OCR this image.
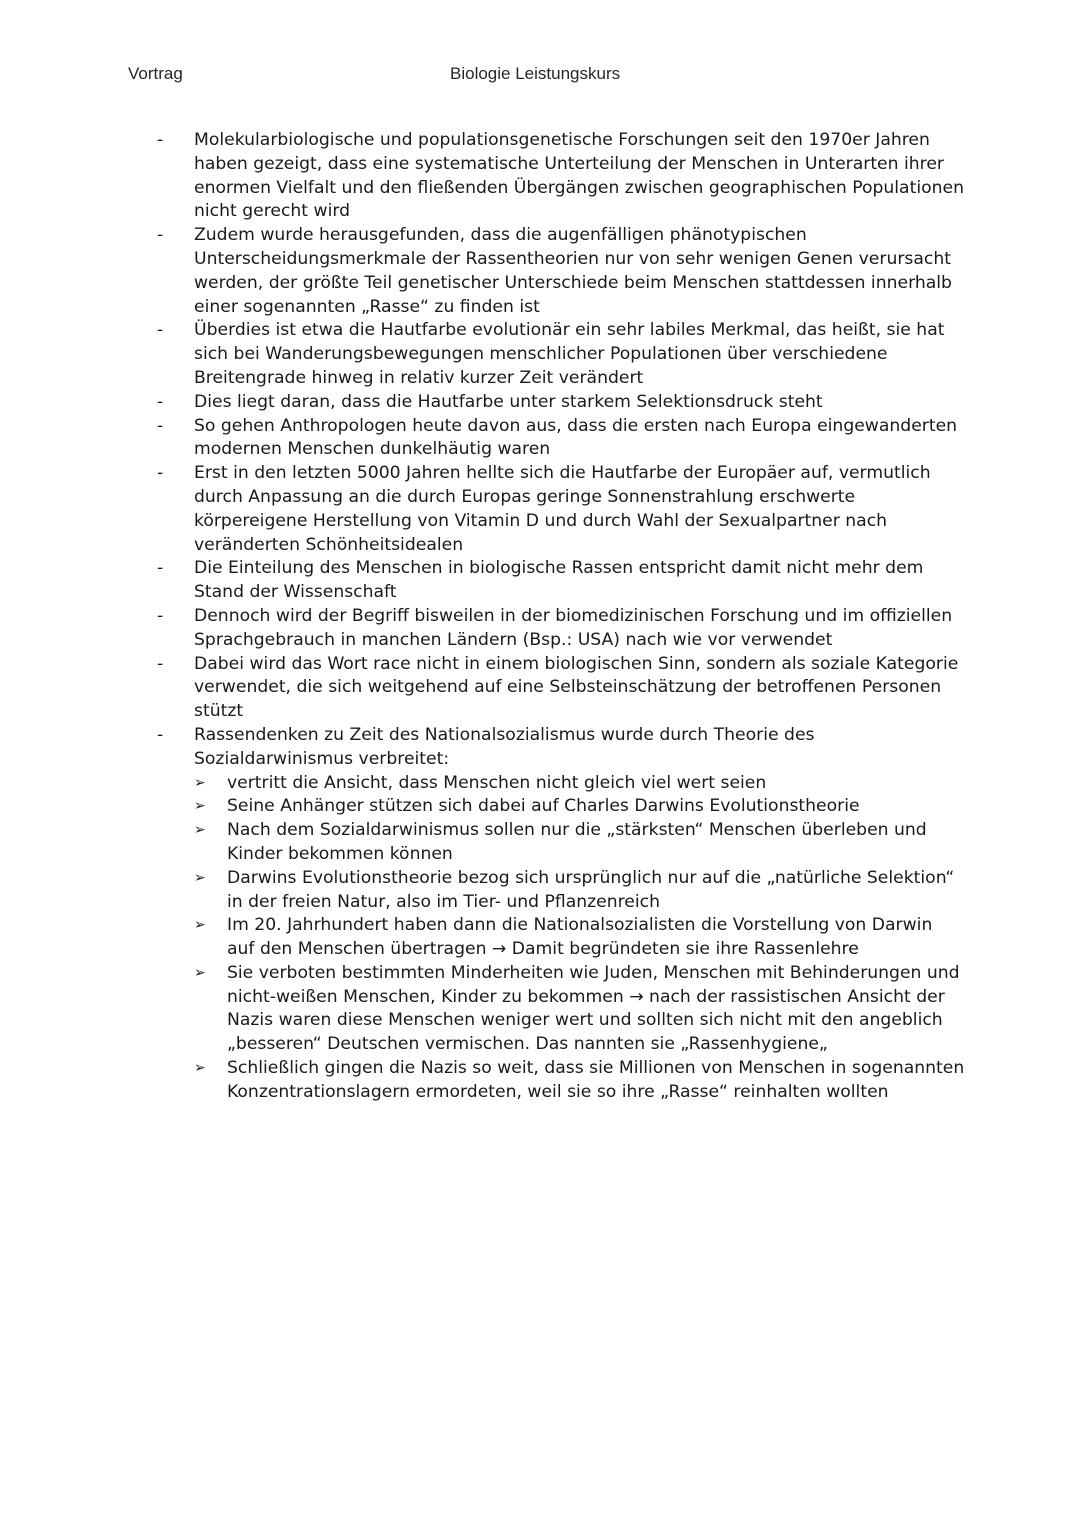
Vortrag	Biologie Leistungskurs
- Molekularbiologische und populationsgenetische Forschungen seit den 1970er Jahren haben gezeigt, dass eine systematische Unterteilung der Menschen in Unterarten ihrer enormen Vielfalt und den fließenden Übergängen zwischen geographischen Populationen nicht gerecht wird
- Zudem wurde herausgefunden, dass die augenfälligen phänotypischen Unterscheidungsmerkmale der Rassentheorien nur von sehr wenigen Genen verursacht werden, der größte Teil genetischer Unterschiede beim Menschen stattdessen innerhalb einer sogenannten „Rasse“ zu finden ist
- Überdies ist etwa die Hautfarbe evolutionär ein sehr labiles Merkmal, das heißt, sie hat sich bei Wanderungsbewegungen menschlicher Populationen über verschiedene Breitengrade hinweg in relativ kurzer Zeit verändert
- Dies liegt daran, dass die Hautfarbe unter starkem Selektionsdruck steht
- So gehen Anthropologen heute davon aus, dass die ersten nach Europa eingewanderten modernen Menschen dunkelhäutig waren
- Erst in den letzten 5000 Jahren hellte sich die Hautfarbe der Europäer auf, vermutlich durch Anpassung an die durch Europas geringe Sonnenstrahlung erschwerte körpereigene Herstellung von Vitamin D und durch Wahl der Sexualpartner nach veränderten Schönheitsidealen
- Die Einteilung des Menschen in biologische Rassen entspricht damit nicht mehr dem Stand der Wissenschaft
- Dennoch wird der Begriff bisweilen in der biomedizinischen Forschung und im offiziellen Sprachgebrauch in manchen Ländern (Bsp.: USA) nach wie vor verwendet
- Dabei wird das Wort race nicht in einem biologischen Sinn, sondern als soziale Kategorie verwendet, die sich weitgehend auf eine Selbsteinschätzung der betroffenen Personen stützt
- Rassendenken zu Zeit des Nationalsozialismus wurde durch Theorie des Sozialdarwinismus verbreitet:
➢ vertritt die Ansicht, dass Menschen nicht gleich viel wert seien
➢ Seine Anhänger stützen sich dabei auf Charles Darwins Evolutionstheorie
➢ Nach dem Sozialdarwinismus sollen nur die „stärksten“ Menschen überleben und Kinder bekommen können
➢ Darwins Evolutionstheorie bezog sich ursprünglich nur auf die „natürliche Selektion“ in der freien Natur, also im Tier- und Pflanzenreich
➢ Im 20. Jahrhundert haben dann die Nationalsozialisten die Vorstellung von Darwin auf den Menschen übertragen → Damit begründeten sie ihre Rassenlehre
➢ Sie verboten bestimmten Minderheiten wie Juden, Menschen mit Behinderungen und nicht-weißen Menschen, Kinder zu bekommen → nach der rassistischen Ansicht der Nazis waren diese Menschen weniger wert und sollten sich nicht mit den angeblich „besseren“ Deutschen vermischen. Das nannten sie „Rassenhygiene„
➢ Schließlich gingen die Nazis so weit, dass sie Millionen von Menschen in sogenannten Konzentrationslagern ermordeten, weil sie so ihre „Rasse“ reinhalten wollten
